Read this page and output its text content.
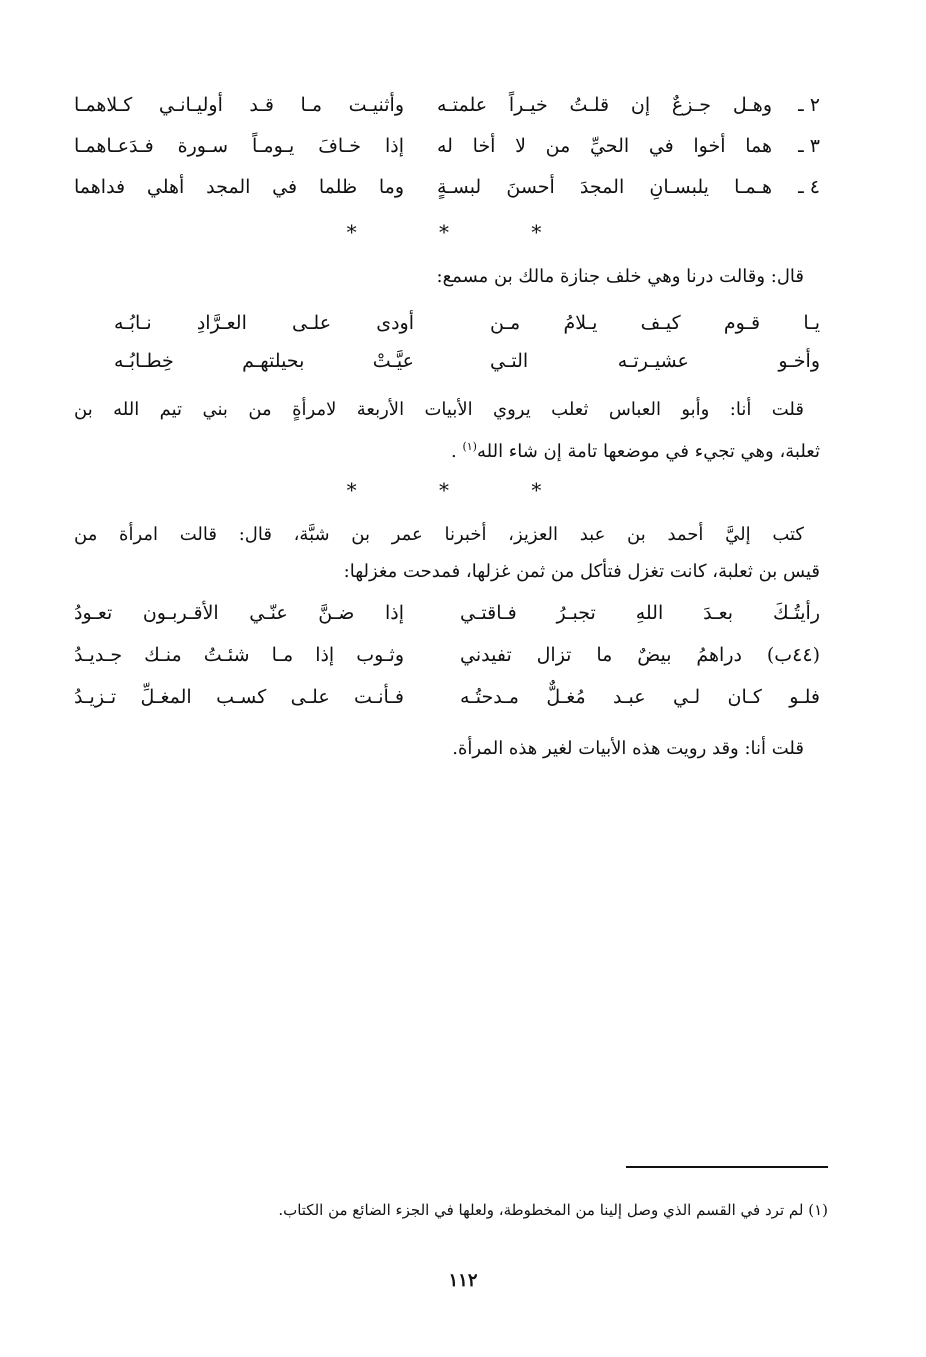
٢ ـ
وهـل جـزعٌ إن قلـتُ خيـراً علمتـه
وأثنيـت مـا قـد أوليـانـي كـلاهمـا
٣ ـ
هما أخوا في الحيِّ من لا أخا له
إذا خـافَ يـومـاً سـورة فـدَعـاهمـا
٤ ـ
هـمـا يلبسـانِ المجدَ أحسنَ لبسـةٍ
وما ظلما في المجد أهلي فداهما
* * *
قال: وقالت درنا وهي خلف جنازة مالك بن مسمع:
يـا قـوم كيـف يـلامُ مـن
أودى علـى العـرَّادِ نـابُـه
وأخـو عشيـرتـه التـي
عيَّـتْ بحيلتهـم خِطـابُـه
قلت أنا: وأبو العباس ثعلب يروي الأبيات الأربعة لامرأةٍ من بني تيم الله بن
ثعلبة، وهي تجيء في موضعها تامة إن شاء الله$^{(١)}$ .
* * *
كتب إليَّ أحمد بن عبد العزيز، أخبرنا عمر بن شبَّة، قال: قالت امرأة من
قيس بن ثعلبة، كانت تغزل فتأكل من ثمن غزلها، فمدحت مغزلها:
رأيتُـكَ بعـدَ اللهِ تجبـرُ فـاقتـي
إذا ضـنَّ عنّـي الأقـربـون تعـودُ
(٤٤ب) دراهمُ بيضٌ ما تزال تفيدني
وثـوب إذا مـا شئـتُ منـك جـديـدُ
فلـو كـان لـي عبـد مُغـلٌّ مـدحتُـه
فـأنـت علـى كسـب المغـلِّ تـزيـدُ
قلت أنا: وقد رويت هذه الأبيات لغير هذه المرأة.
(١) لم ترد في القسم الذي وصل إلينا من المخطوطة، ولعلها في الجزء الضائع من الكتاب.
١١٢
